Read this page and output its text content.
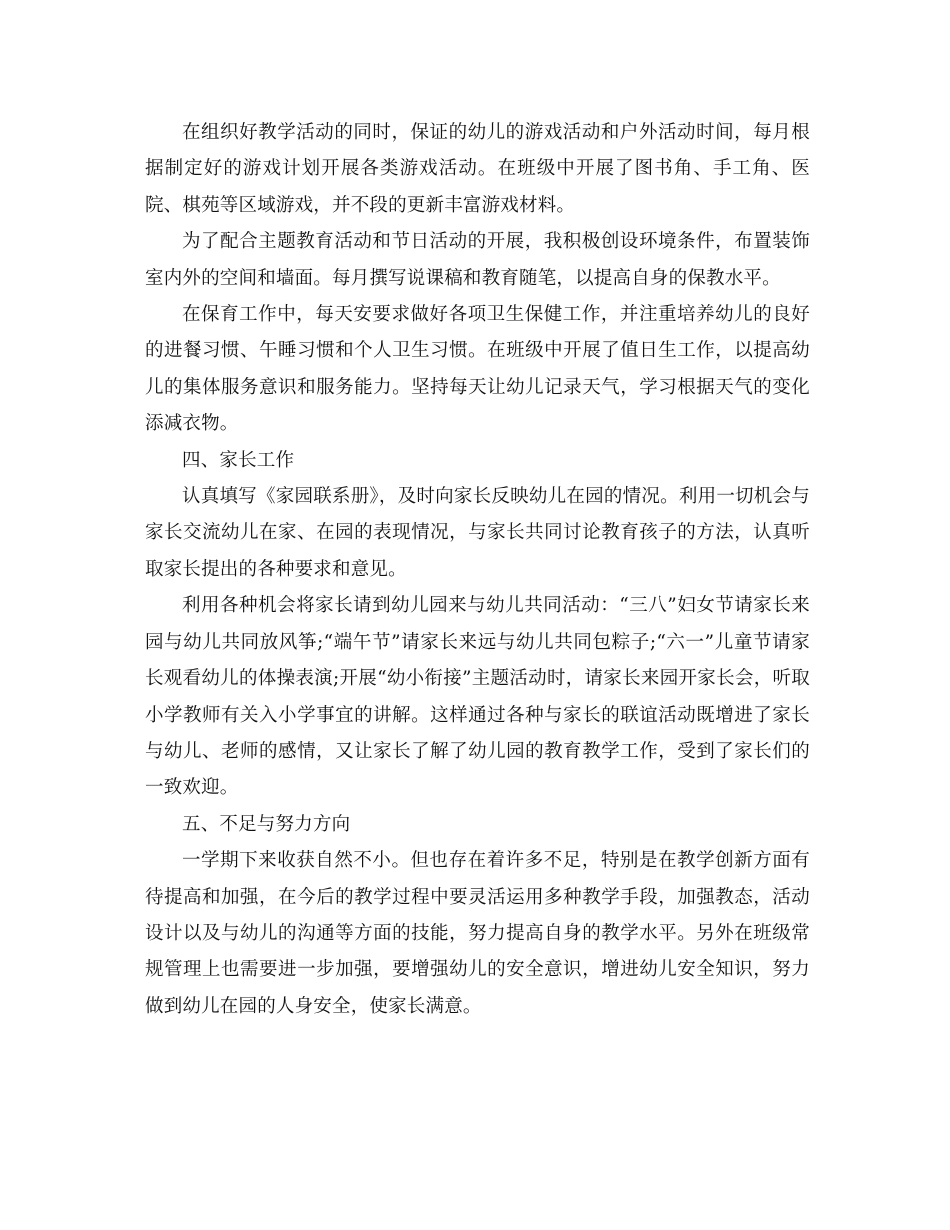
在组织好教学活动的同时，保证的幼儿的游戏活动和户外活动时间，每月根据制定好的游戏计划开展各类游戏活动。在班级中开展了图书角、手工角、医院、棋苑等区域游戏，并不段的更新丰富游戏材料。

为了配合主题教育活动和节日活动的开展，我积极创设环境条件，布置装饰室内外的空间和墙面。每月撰写说课稿和教育随笔，以提高自身的保教水平。

在保育工作中，每天安要求做好各项卫生保健工作，并注重培养幼儿的良好的进餐习惯、午睡习惯和个人卫生习惯。在班级中开展了值日生工作，以提高幼儿的集体服务意识和服务能力。坚持每天让幼儿记录天气，学习根据天气的变化添减衣物。

四、家长工作

认真填写《家园联系册》，及时向家长反映幼儿在园的情况。利用一切机会与家长交流幼儿在家、在园的表现情况，与家长共同讨论教育孩子的方法，认真听取家长提出的各种要求和意见。

利用各种机会将家长请到幼儿园来与幼儿共同活动：“三八”妇女节请家长来园与幼儿共同放风筝;“端午节”请家长来远与幼儿共同包粽子;“六一”儿童节请家长观看幼儿的体操表演;开展“幼小衔接”主题活动时，请家长来园开家长会，听取小学教师有关入小学事宜的讲解。这样通过各种与家长的联谊活动既增进了家长与幼儿、老师的感情，又让家长了解了幼儿园的教育教学工作，受到了家长们的一致欢迎。

五、不足与努力方向

一学期下来收获自然不小。但也存在着许多不足，特别是在教学创新方面有待提高和加强，在今后的教学过程中要灵活运用多种教学手段，加强教态，活动设计以及与幼儿的沟通等方面的技能，努力提高自身的教学水平。另外在班级常规管理上也需要进一步加强，要增强幼儿的安全意识，增进幼儿安全知识，努力做到幼儿在园的人身安全，使家长满意。
